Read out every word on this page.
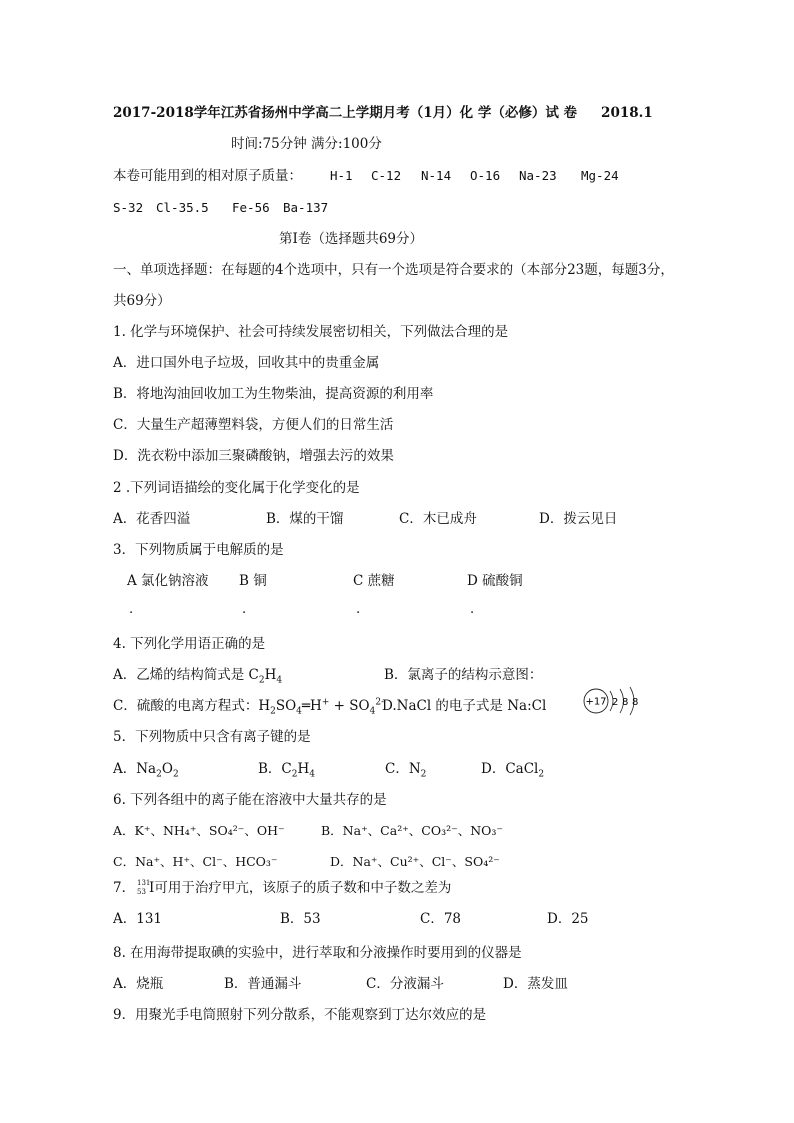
2017-2018学年江苏省扬州中学高二上学期月考（1月）化 学（必修）试 卷 2018.1
时间:75分钟 满分:100分
本卷可能用到的相对原子质量： H-1 C-12 N-14 O-16 Na-23 Mg-24
S-32 Cl-35.5 Fe-56 Ba-137
第Ⅰ卷（选择题共69分）
一、单项选择题：在每题的4个选项中，只有一个选项是符合要求的（本部分23题，每题3分，
共69分）
1. 化学与环境保护、社会可持续发展密切相关，下列做法合理的是
A．进口国外电子垃圾，回收其中的贵重金属
B．将地沟油回收加工为生物柴油，提高资源的利用率
C．大量生产超薄塑料袋，方便人们的日常生活
D．洗衣粉中添加三聚磷酸钠，增强去污的效果
2 .下列词语描绘的变化属于化学变化的是
A．花香四溢	B．煤的干馏	C．木已成舟	D．拨云见日
3．下列物质属于电解质的是
A 氯化钠溶液 B 铜	C 蔗糖	D 硫酸铜
.	.	.	.
4. 下列化学用语正确的是
A．乙烯的结构简式是 $C_2H_4$	B．氯离子的结构示意图：
C．硫酸的电离方程式：$H_2SO_4═H^+ + SO_4^{2-}$
D.NaCl 的电子式是 Na:Cl	+17 2 8 8
5．下列物质中只含有离子键的是
A．$Na_2O_2$	B．$C_2H_4$	C．$N_2$	D．CaCl$_2$
6. 下列各组中的离子能在溶液中大量共存的是
A．K⁺、NH₄⁺、SO₄²⁻、OH⁻	B．Na⁺、Ca²⁺、CO₃²⁻、NO₃⁻
C．Na⁺、H⁺、Cl⁻、HCO₃⁻	D．Na⁺、Cu²⁺、Cl⁻、SO₄²⁻
7． 131
53 I可用于治疗甲亢，该原子的质子数和中子数之差为
A．131	B．53	C．78	D．25
8. 在用海带提取碘的实验中，进行萃取和分液操作时要用到的仪器是
A．烧瓶	B．普通漏斗	C．分液漏斗	D．蒸发皿
9．用聚光手电筒照射下列分散系，不能观察到丁达尔效应的是
